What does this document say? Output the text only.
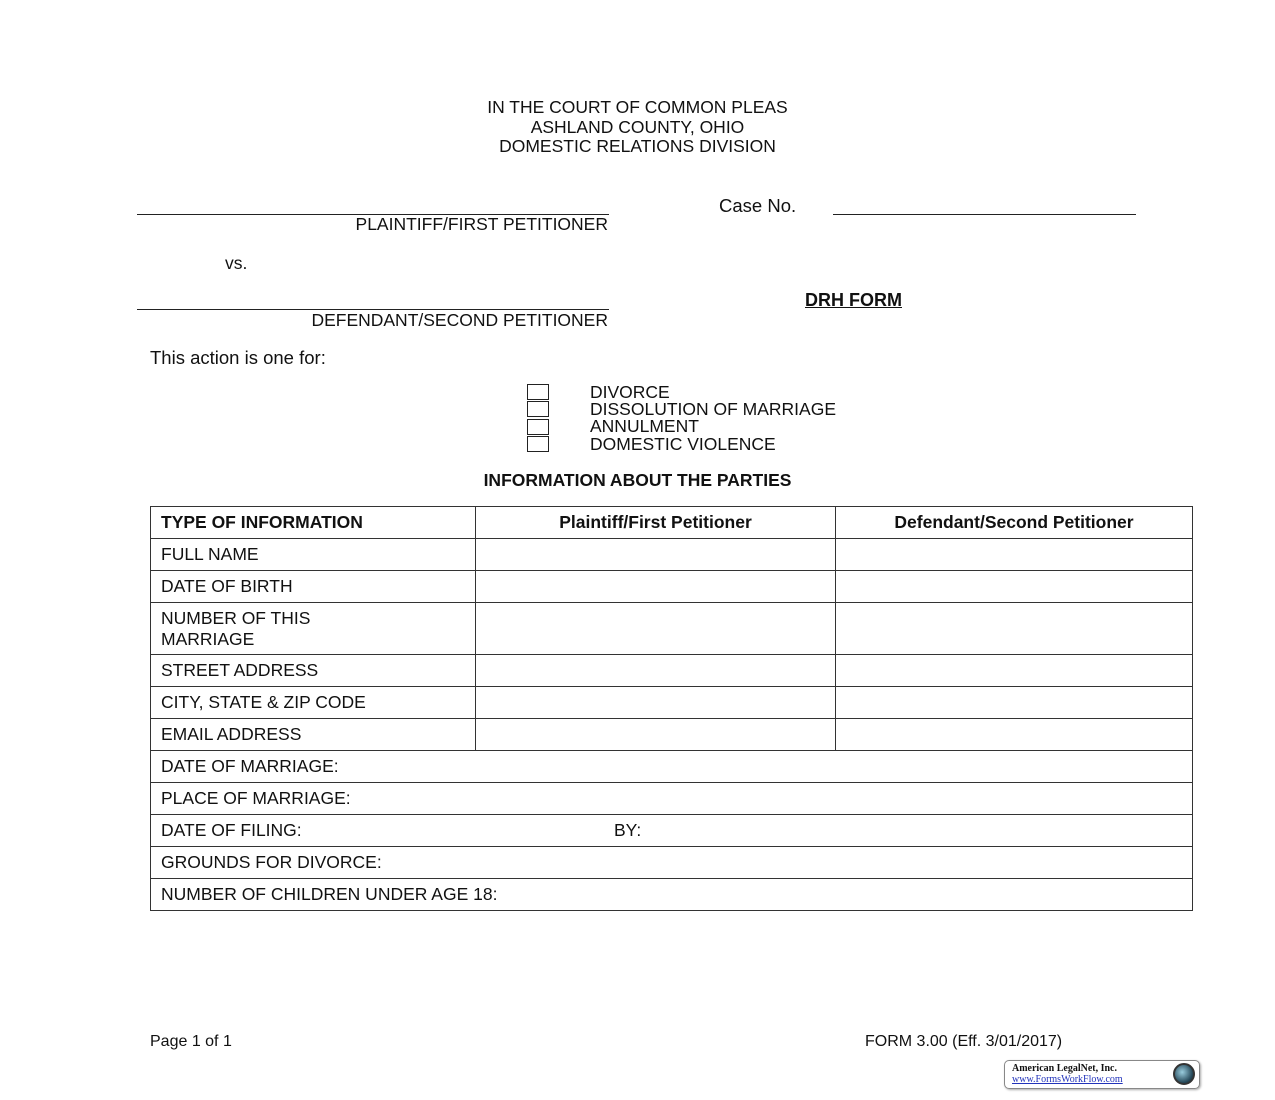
IN THE COURT OF COMMON PLEAS
ASHLAND COUNTY, OHIO
DOMESTIC RELATIONS DIVISION
PLAINTIFF/FIRST PETITIONER
vs.
DEFENDANT/SECOND PETITIONER
Case No.
DRH FORM
This action is one for:
DIVORCE
DISSOLUTION OF MARRIAGE
ANNULMENT
DOMESTIC VIOLENCE
INFORMATION ABOUT THE PARTIES
TYPE OF INFORMATION	Plaintiff/First Petitioner	Defendant/Second Petitioner
FULL NAME		
DATE OF BIRTH		
NUMBER OF THIS MARRIAGE		
STREET ADDRESS		
CITY, STATE & ZIP CODE		
EMAIL ADDRESS		
DATE OF MARRIAGE:		
PLACE OF MARRIAGE:		
DATE OF FILING: BY:		
GROUNDS FOR DIVORCE:		
NUMBER OF CHILDREN UNDER AGE 18:		
Page 1 of 1	FORM 3.00 (Eff. 3/01/2017)
American LegalNet, Inc.
www.FormsWorkFlow.com
